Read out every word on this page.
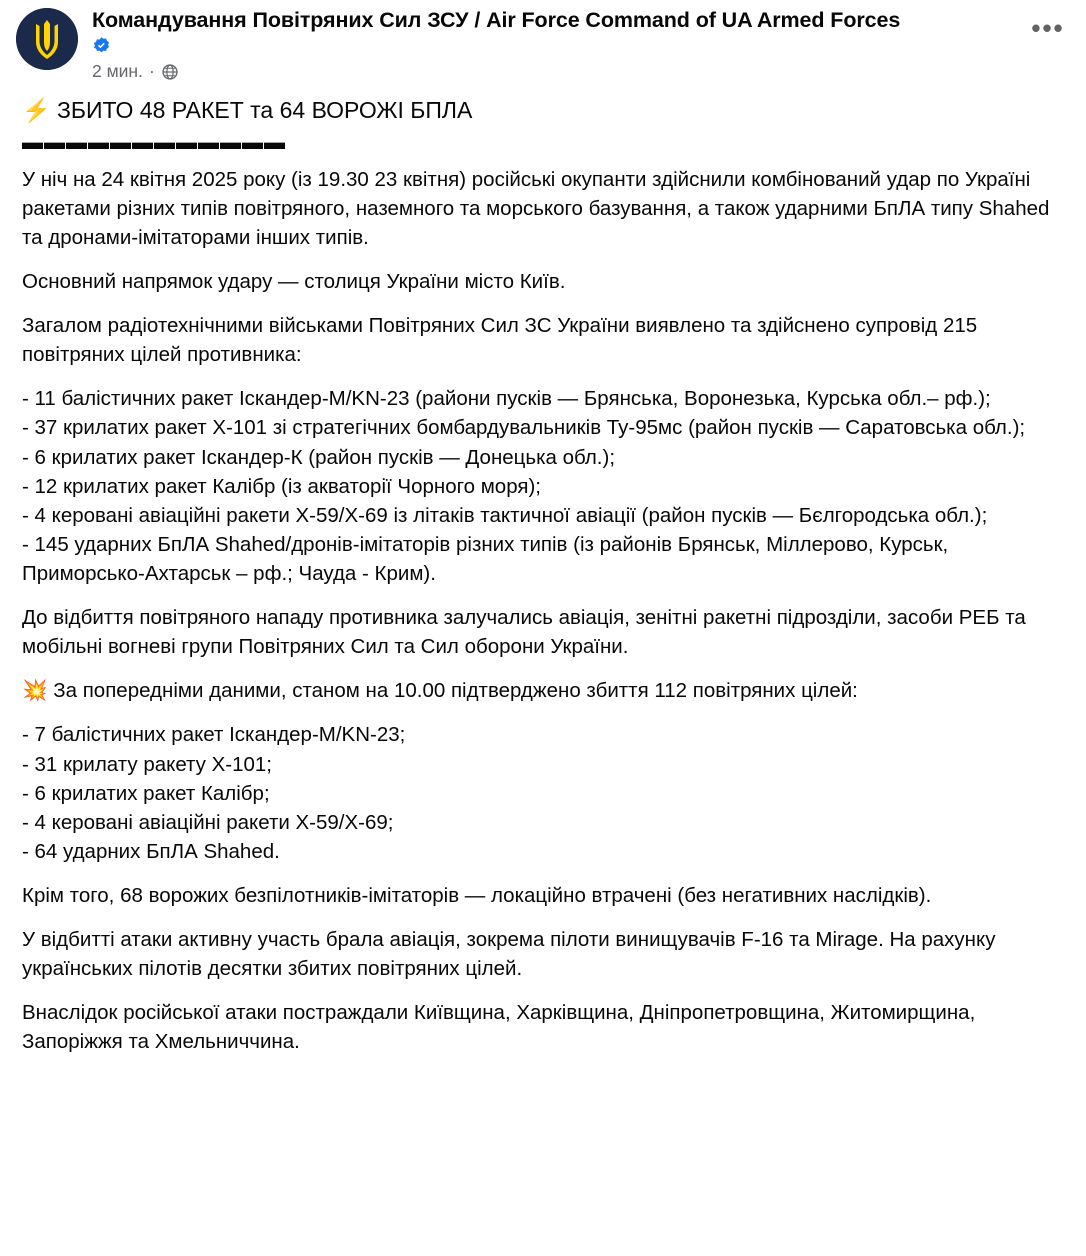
Командування Повітряних Сил ЗСУ / Air Force Command of UA Armed Forces
2 мин. ·
•••
⚡ ЗБИТО 48 РАКЕТ та 64 ВОРОЖІ БПЛА
▬▬▬▬▬▬▬▬▬▬▬▬

У ніч на 24 квітня 2025 року (із 19.30 23 квітня) російські окупанти здійснили комбінований удар по Україні ракетами різних типів повітряного, наземного та морського базування, а також ударними БпЛА типу Shahed та дронами-імітаторами інших типів.

Основний напрямок удару — столиця України місто Київ.

Загалом радіотехнічними військами Повітряних Сил ЗС України виявлено та здійснено супровід 215 повітряних цілей противника:

- 11 балістичних ракет Іскандер-М/KN-23 (райони пусків — Брянська, Воронезька, Курська обл.– рф.);
- 37 крилатих ракет Х-101 зі стратегічних бомбардувальників Ту-95мс (район пусків — Саратовська обл.);
- 6 крилатих ракет Іскандер-К (район пусків — Донецька обл.);
- 12 крилатих ракет Калібр (із акваторії Чорного моря);
- 4 керовані авіаційні ракети Х-59/Х-69 із літаків тактичної авіації (район пусків — Бєлгородська обл.);
- 145 ударних БпЛА Shahed/дронів-імітаторів різних типів (із районів Брянськ, Міллерово, Курськ, Приморсько-Ахтарськ – рф.; Чауда - Крим).

До відбиття повітряного нападу противника залучались авіація, зенітні ракетні підрозділи, засоби РЕБ та мобільні вогневі групи Повітряних Сил та Сил оборони України.

💥 За попередніми даними, станом на 10.00 підтверджено збиття 112 повітряних цілей:

- 7 балістичних ракет Іскандер-М/KN-23;
- 31 крилату ракету Х-101;
- 6 крилатих ракет Калібр;
- 4 керовані авіаційні ракети Х-59/Х-69;
- 64 ударних БпЛА Shahed.

Крім того, 68 ворожих безпілотників-імітаторів — локаційно втрачені (без негативних наслідків).

У відбитті атаки активну участь брала авіація, зокрема пілоти винищувачів F-16 та Mirage. На рахунку українських пілотів десятки збитих повітряних цілей.

Внаслідок російської атаки постраждали Київщина, Харківщина, Дніпропетровщина, Житомирщина, Запоріжжя та Хмельниччина.
